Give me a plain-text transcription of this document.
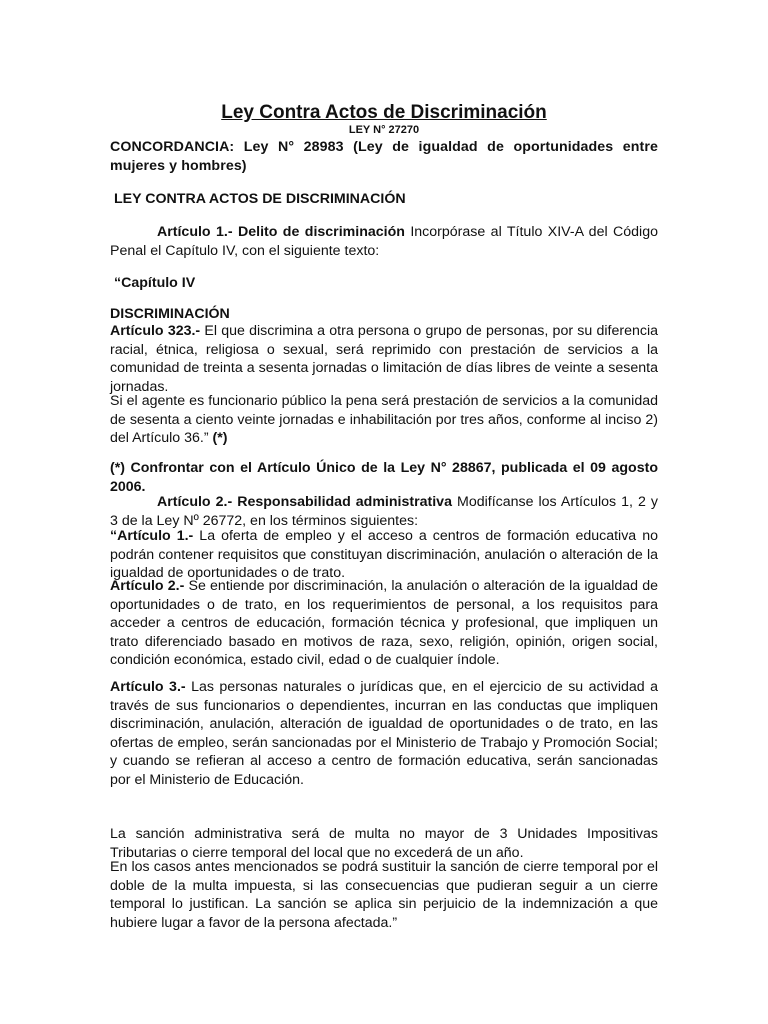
Ley Contra Actos de Discriminación
LEY N° 27270
CONCORDANCIA: Ley N° 28983 (Ley de igualdad de oportunidades entre mujeres y hombres)
LEY CONTRA ACTOS DE DISCRIMINACIÓN

Artículo 1.- Delito de discriminación Incorpórase al Título XIV-A del Código Penal el Capítulo IV, con el siguiente texto:

“Capítulo IV
DISCRIMINACIÓN

Artículo 323.- El que discrimina a otra persona o grupo de personas, por su diferencia racial, étnica, religiosa o sexual, será reprimido con prestación de servicios a la comunidad de treinta a sesenta jornadas o limitación de días libres de veinte a sesenta jornadas.

Si el agente es funcionario público la pena será prestación de servicios a la comunidad de sesenta a ciento veinte jornadas e inhabilitación por tres años, conforme al inciso 2) del Artículo 36.” (*)

(*) Confrontar con el Artículo Único de la Ley N° 28867, publicada el 09 agosto 2006.

Artículo 2.- Responsabilidad administrativa Modifícanse los Artículos 1, 2 y 3 de la Ley Nº 26772, en los términos siguientes:

“Artículo 1.- La oferta de empleo y el acceso a centros de formación educativa no podrán contener requisitos que constituyan discriminación, anulación o alteración de la igualdad de oportunidades o de trato.

Artículo 2.- Se entiende por discriminación, la anulación o alteración de la igualdad de oportunidades o de trato, en los requerimientos de personal, a los requisitos para acceder a centros de educación, formación técnica y profesional, que impliquen un trato diferenciado basado en motivos de raza, sexo, religión, opinión, origen social, condición económica, estado civil, edad o de cualquier índole.

Artículo 3.- Las personas naturales o jurídicas que, en el ejercicio de su actividad a través de sus funcionarios o dependientes, incurran en las conductas que impliquen discriminación, anulación, alteración de igualdad de oportunidades o de trato, en las ofertas de empleo, serán sancionadas por el Ministerio de Trabajo y Promoción Social; y cuando se refieran al acceso a centro de formación educativa, serán sancionadas por el Ministerio de Educación.

La sanción administrativa será de multa no mayor de 3 Unidades Impositivas Tributarias o cierre temporal del local que no excederá de un año.

En los casos antes mencionados se podrá sustituir la sanción de cierre temporal por el doble de la multa impuesta, si las consecuencias que pudieran seguir a un cierre temporal lo justifican. La sanción se aplica sin perjuicio de la indemnización a que hubiere lugar a favor de la persona afectada.”
